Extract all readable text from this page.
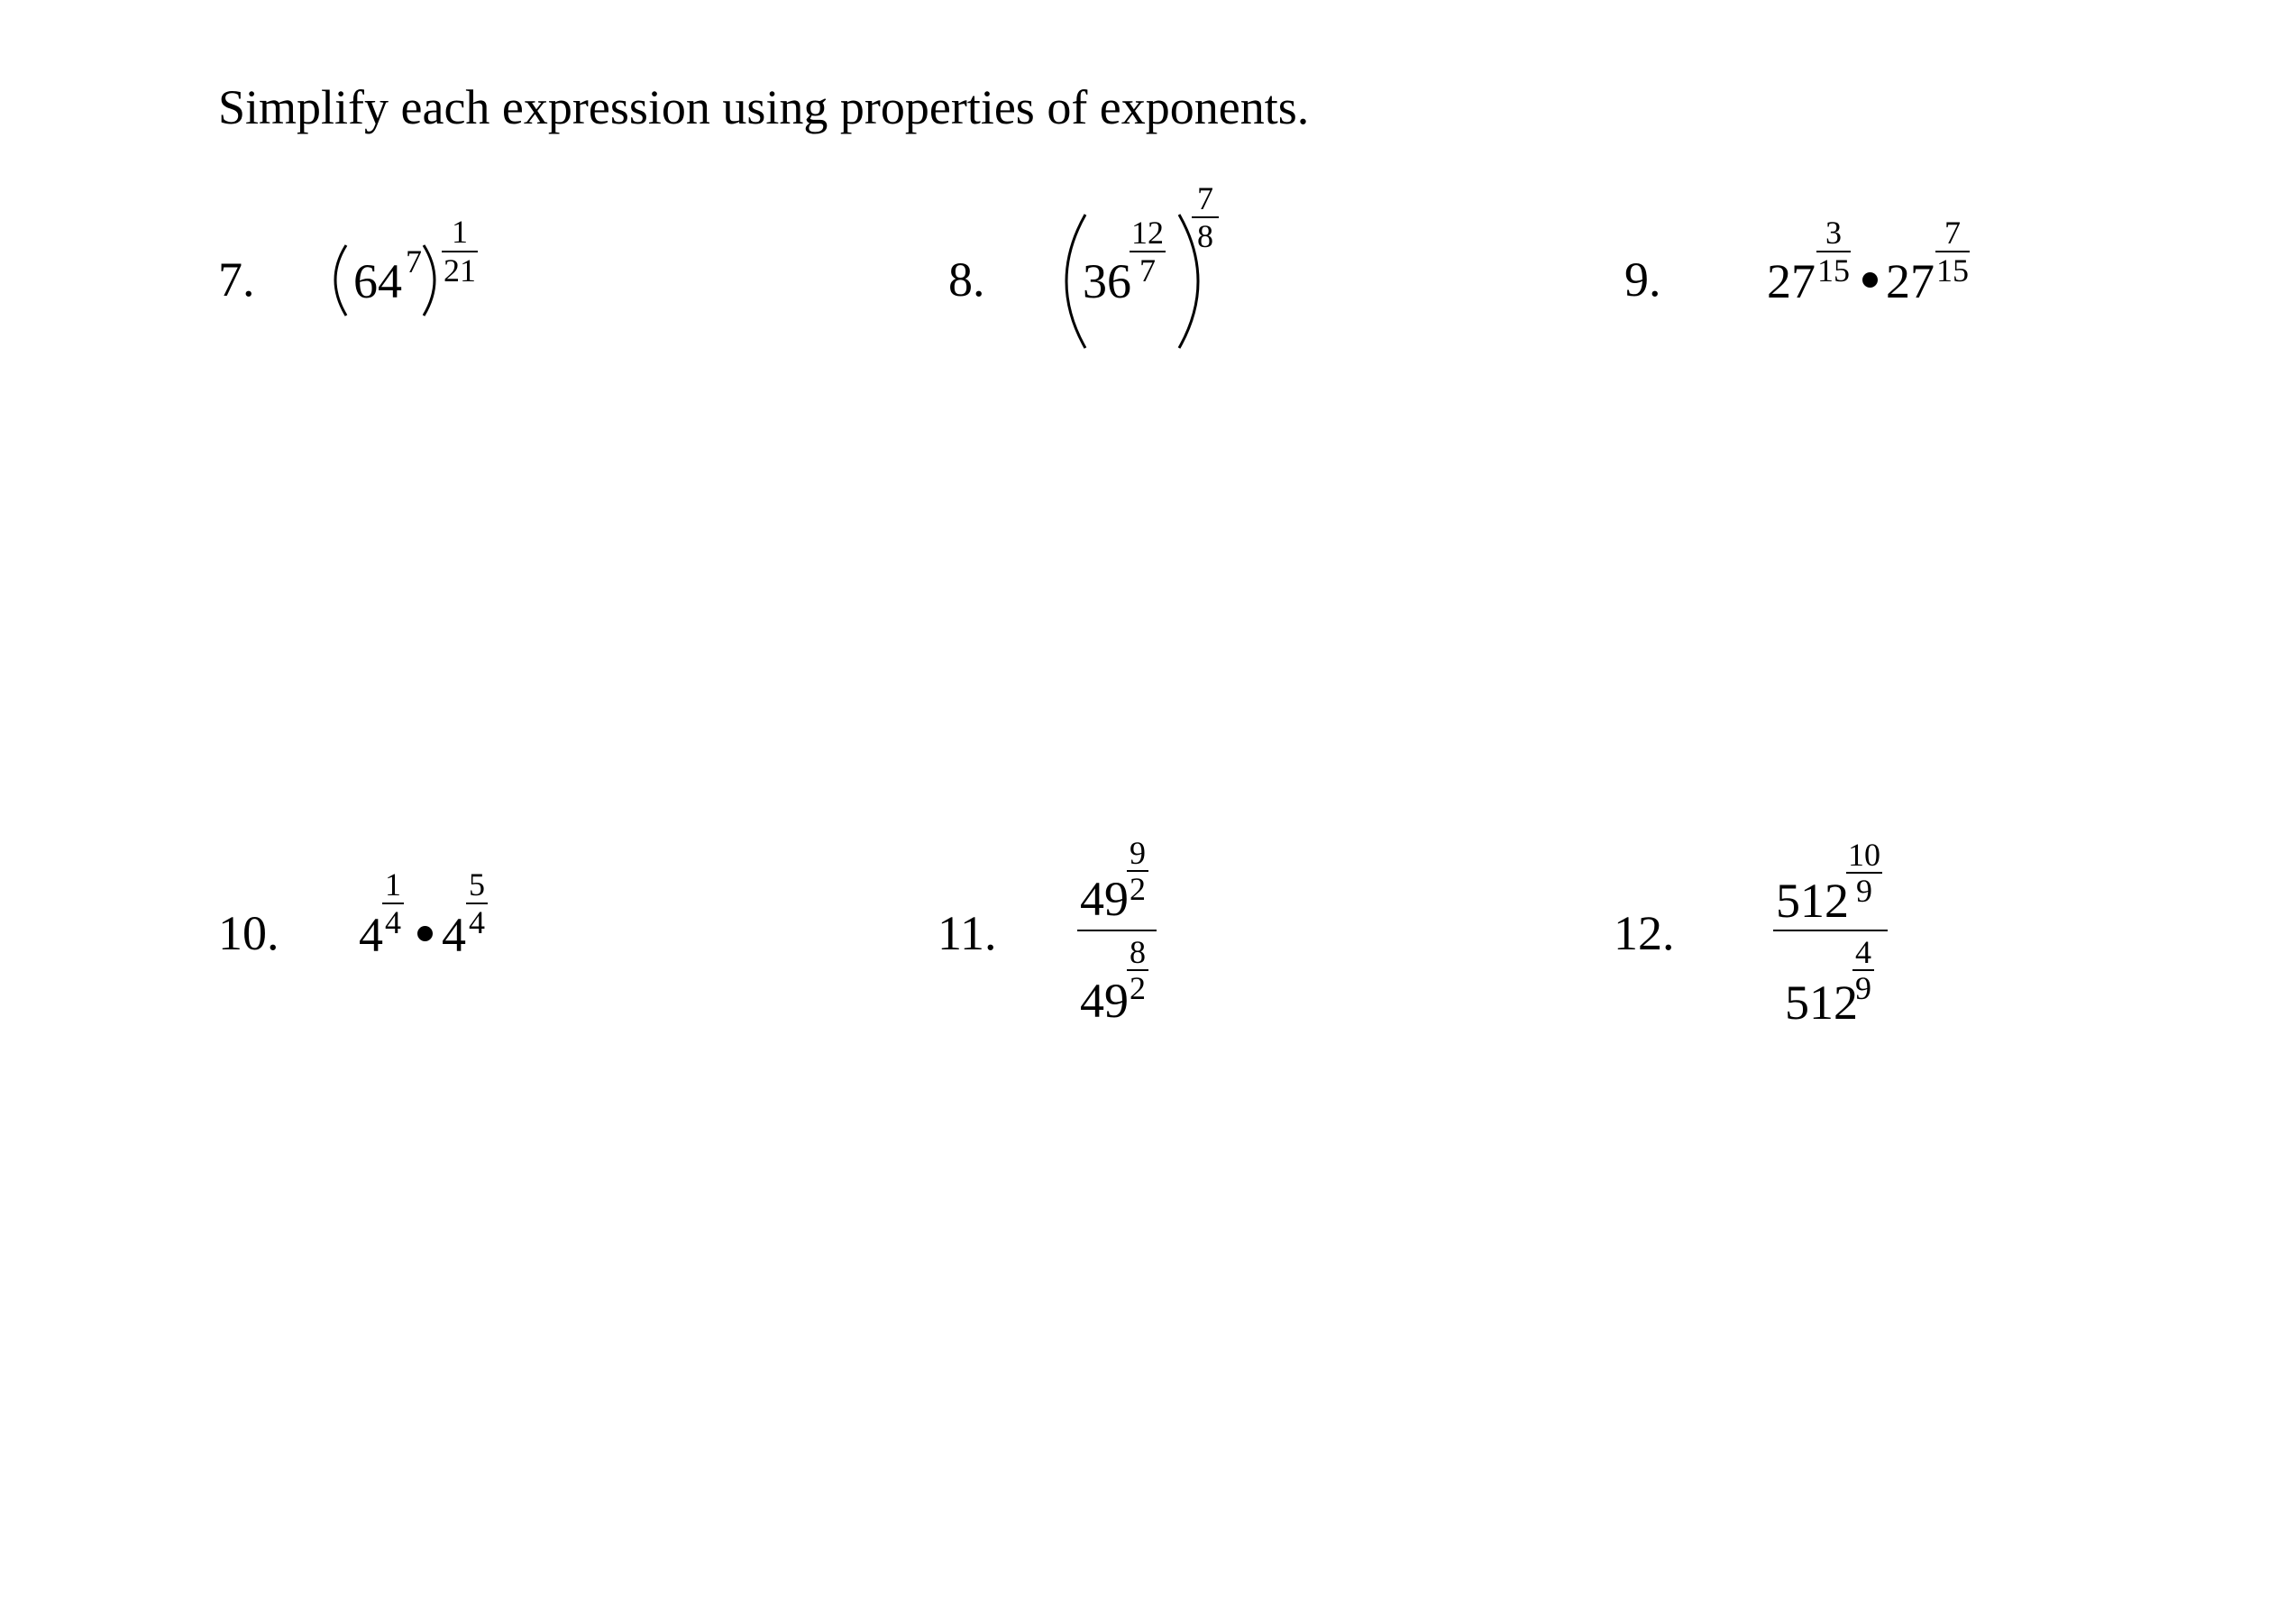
Simplify each expression using properties of exponents.
7. 64 7
1
21	8. 36
12
7
7
8
9. 27
3
15 27
7
15
10. 4
1
4 4
5
4	11.
49
9
2
49
8
2
12.
512
10
9
512
4
9
